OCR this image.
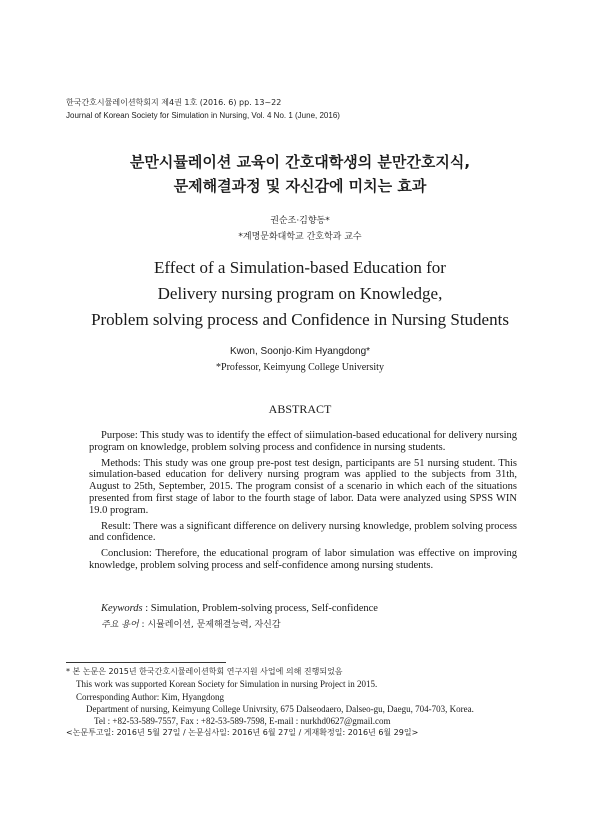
한국간호시뮬레이션학회지 제4권 1호 (2016. 6) pp. 13~22
Journal of Korean Society for Simulation in Nursing, Vol. 4 No. 1 (June, 2016)
분만시뮬레이션 교육이 간호대학생의 분만간호지식,
문제해결과정 및 자신감에 미치는 효과
권순조·김향동*
*계명문화대학교 간호학과 교수
Effect of a Simulation-based Education for
Delivery nursing program on Knowledge,
Problem solving process and Confidence in Nursing Students
Kwon, Soonjo·Kim Hyangdong*
*Professor, Keimyung College University
ABSTRACT

Purpose: This study was to identify the effect of siimulation-based educational for delivery nursing program on knowledge, problem solving process and confidence in nursing students.

Methods: This study was one group pre-post test design, participants are 51 nursing student. This simulation-based education for delivery nursing program was applied to the subjects from 31th, August to 25th, September, 2015. The program consist of a scenario in which each of the situations presented from first stage of labor to the fourth stage of labor. Data were analyzed using SPSS WIN 19.0 program.

Result: There was a significant difference on delivery nursing knowledge, problem solving process and confidence.

Conclusion: Therefore, the educational program of labor simulation was effective on improving knowledge, problem solving process and self-confidence among nursing students.

Keywords : Simulation, Problem-solving process, Self-confidence
주요 용어 : 시뮬레이션, 문제해결능력, 자신감
* 본 논문은 2015년 한국간호시뮬레이션학회 연구지원 사업에 의해 진행되었음
This work was supported Korean Society for Simulation in nursing Project in 2015.
Corresponding Author: Kim, Hyangdong
Department of nursing, Keimyung College Univrsity, 675 Dalseodaero, Dalseo-gu, Daegu, 704-703, Korea.
Tel : +82-53-589-7557, Fax : +82-53-589-7598, E-mail : nurkhd0627@gmail.com
<논문투고일: 2016년 5월 27일 / 논문심사일: 2016년 6월 27일 / 게재확정일: 2016년 6월 29일>
